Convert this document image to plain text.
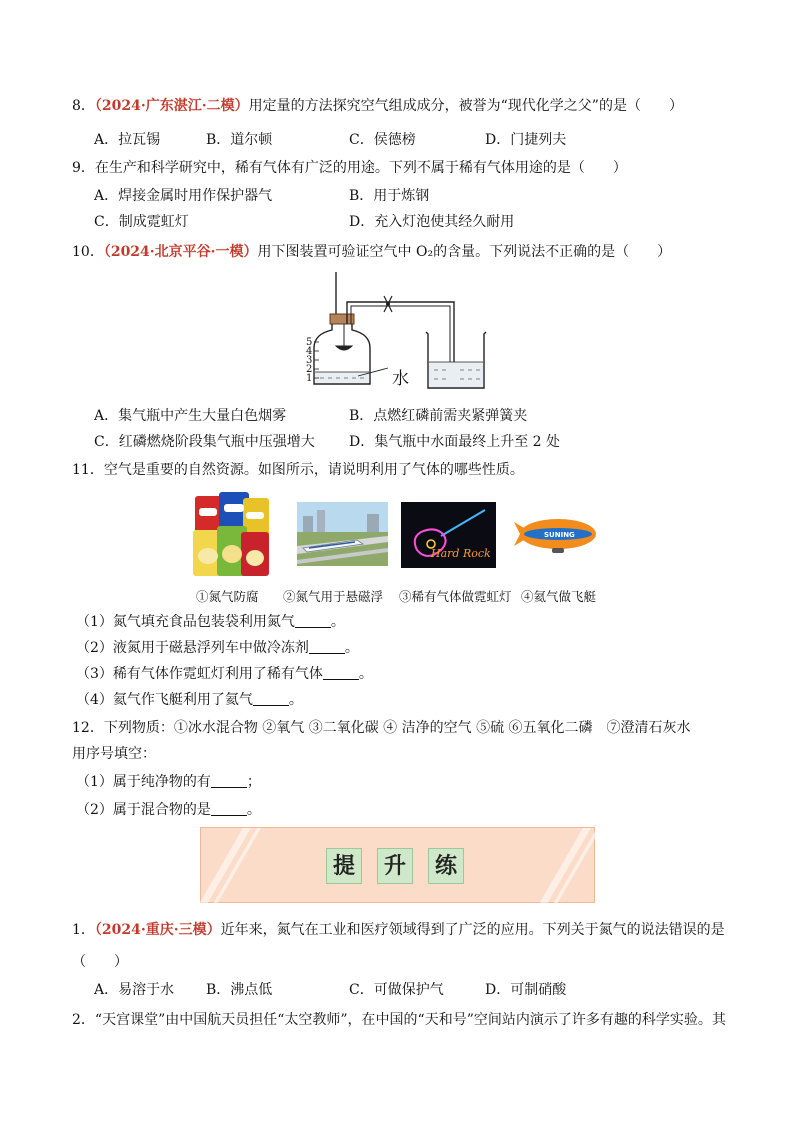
8．（2024·广东湛江·二模）用定量的方法探究空气组成成分，被誉为“现代化学之父”的是（　　）
A．拉瓦锡	B．道尔顿	C．侯德榜	D．门捷列夫
9．在生产和科学研究中，稀有气体有广泛的用途。下列不属于稀有气体用途的是（　　）
A．焊接金属时用作保护器气	B．用于炼钢
C．制成霓虹灯	D．充入灯泡使其经久耐用
10．（2024·北京平谷·一模）用下图装置可验证空气中 O₂的含量。下列说法不正确的是（　　）
5
4
3
2
1	水
A．集气瓶中产生大量白色烟雾	B．点燃红磷前需夹紧弹簧夹
C．红磷燃烧阶段集气瓶中压强增大 D．集气瓶中水面最终上升至 2 处
11．空气是重要的自然资源。如图所示，请说明利用了气体的哪些性质。
Hard Rock
SUNING
①氮气防腐 ②氮气用于悬磁浮 ③稀有气体做霓虹灯 ④氦气做飞艇
（1）氮气填充食品包装袋利用氮气	。
（2）液氮用于磁悬浮列车中做冷冻剂	。
（3）稀有气体作霓虹灯利用了稀有气体	。
（4）氦气作飞艇利用了氦气	。
12．下列物质：①冰水混合物 ②氧气 ③二氧化碳 ④ 洁净的空气 ⑤硫 ⑥五氧化二磷　⑦澄清石灰水
用序号填空：
（1）属于纯净物的有	；
（2）属于混合物的是	。
提	升	练
1．（2024·重庆·三模）近年来，氮气在工业和医疗领域得到了广泛的应用。下列关于氮气的说法错误的是
（　　）
A．易溶于水 B．沸点低	C．可做保护气	D．可制硝酸
2．“天宫课堂”由中国航天员担任“太空教师”，在中国的“天和号”空间站内演示了许多有趣的科学实验。其
